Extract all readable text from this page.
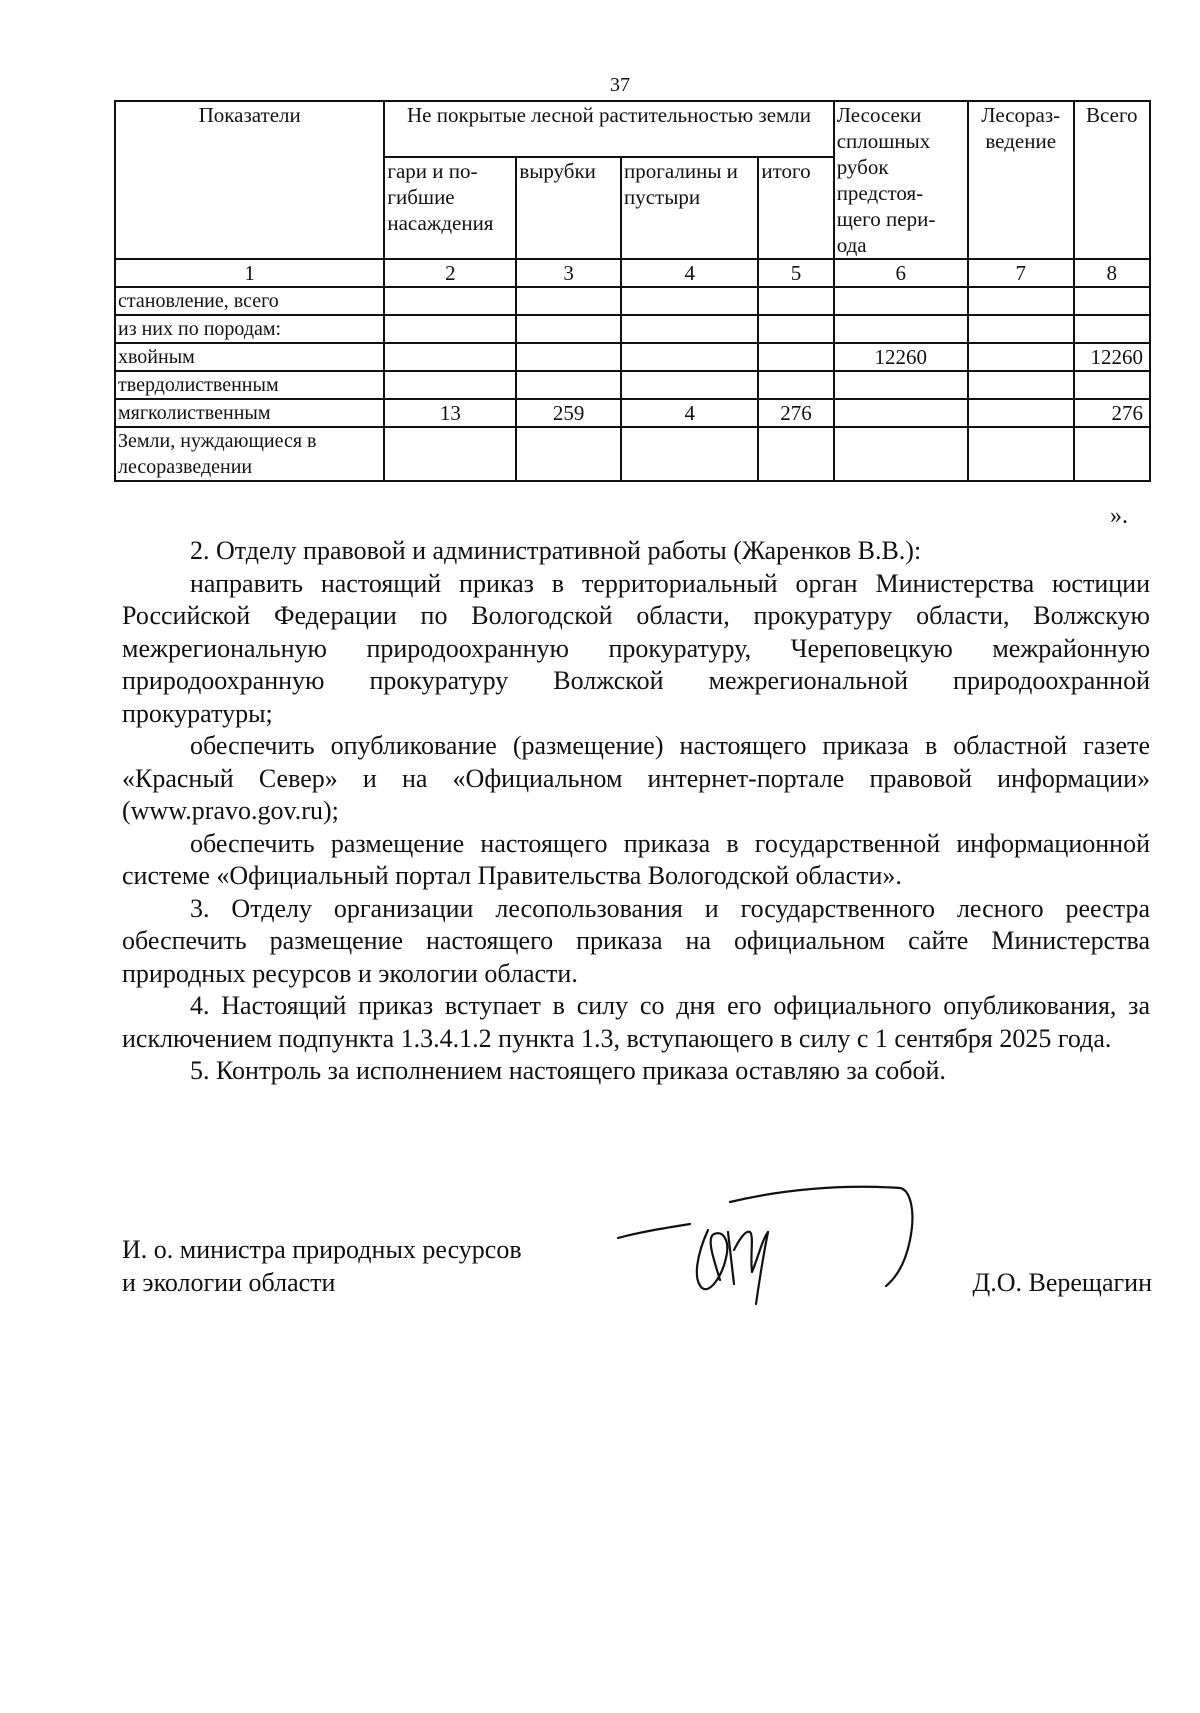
37
Показатели	Не покрытые лесной растительностью земли				Лесосеки сплошных рубок предстоя-щего пери-ода	Лесораз-ведение	Всего
	гари и по-гибшие насаждения	вырубки	прогалины и пустыри	итого			
1	2	3	4	5	6	7	8
становление, всего							
из них по породам:							
хвойным					12260		12260
твердолиственным							
мягколиственным	13	259	4	276			276
Земли, нуждающиеся в лесоразведении							
».

2. Отделу правовой и административной работы (Жаренков В.В.):

направить настоящий приказ в территориальный орган Министерства юстиции Российской Федерации по Вологодской области, прокуратуру области, Волжскую межрегиональную природоохранную прокуратуру, Череповецкую межрайонную природоохранную прокуратуру Волжской межрегиональной природоохранной прокуратуры;

обеспечить опубликование (размещение) настоящего приказа в областной газете «Красный Север» и на «Официальном интернет-портале правовой информации» (www.pravo.gov.ru);

обеспечить размещение настоящего приказа в государственной информационной системе «Официальный портал Правительства Вологодской области».

3. Отделу организации лесопользования и государственного лесного реестра обеспечить размещение настоящего приказа на официальном сайте Министерства природных ресурсов и экологии области.

4. Настоящий приказ вступает в силу со дня его официального опубликования, за исключением подпункта 1.3.4.1.2 пункта 1.3, вступающего в силу с 1 сентября 2025 года.

5. Контроль за исполнением настоящего приказа оставляю за собой.

И. о. министра природных ресурсов
и экологии области	Д.О. Верещагин
